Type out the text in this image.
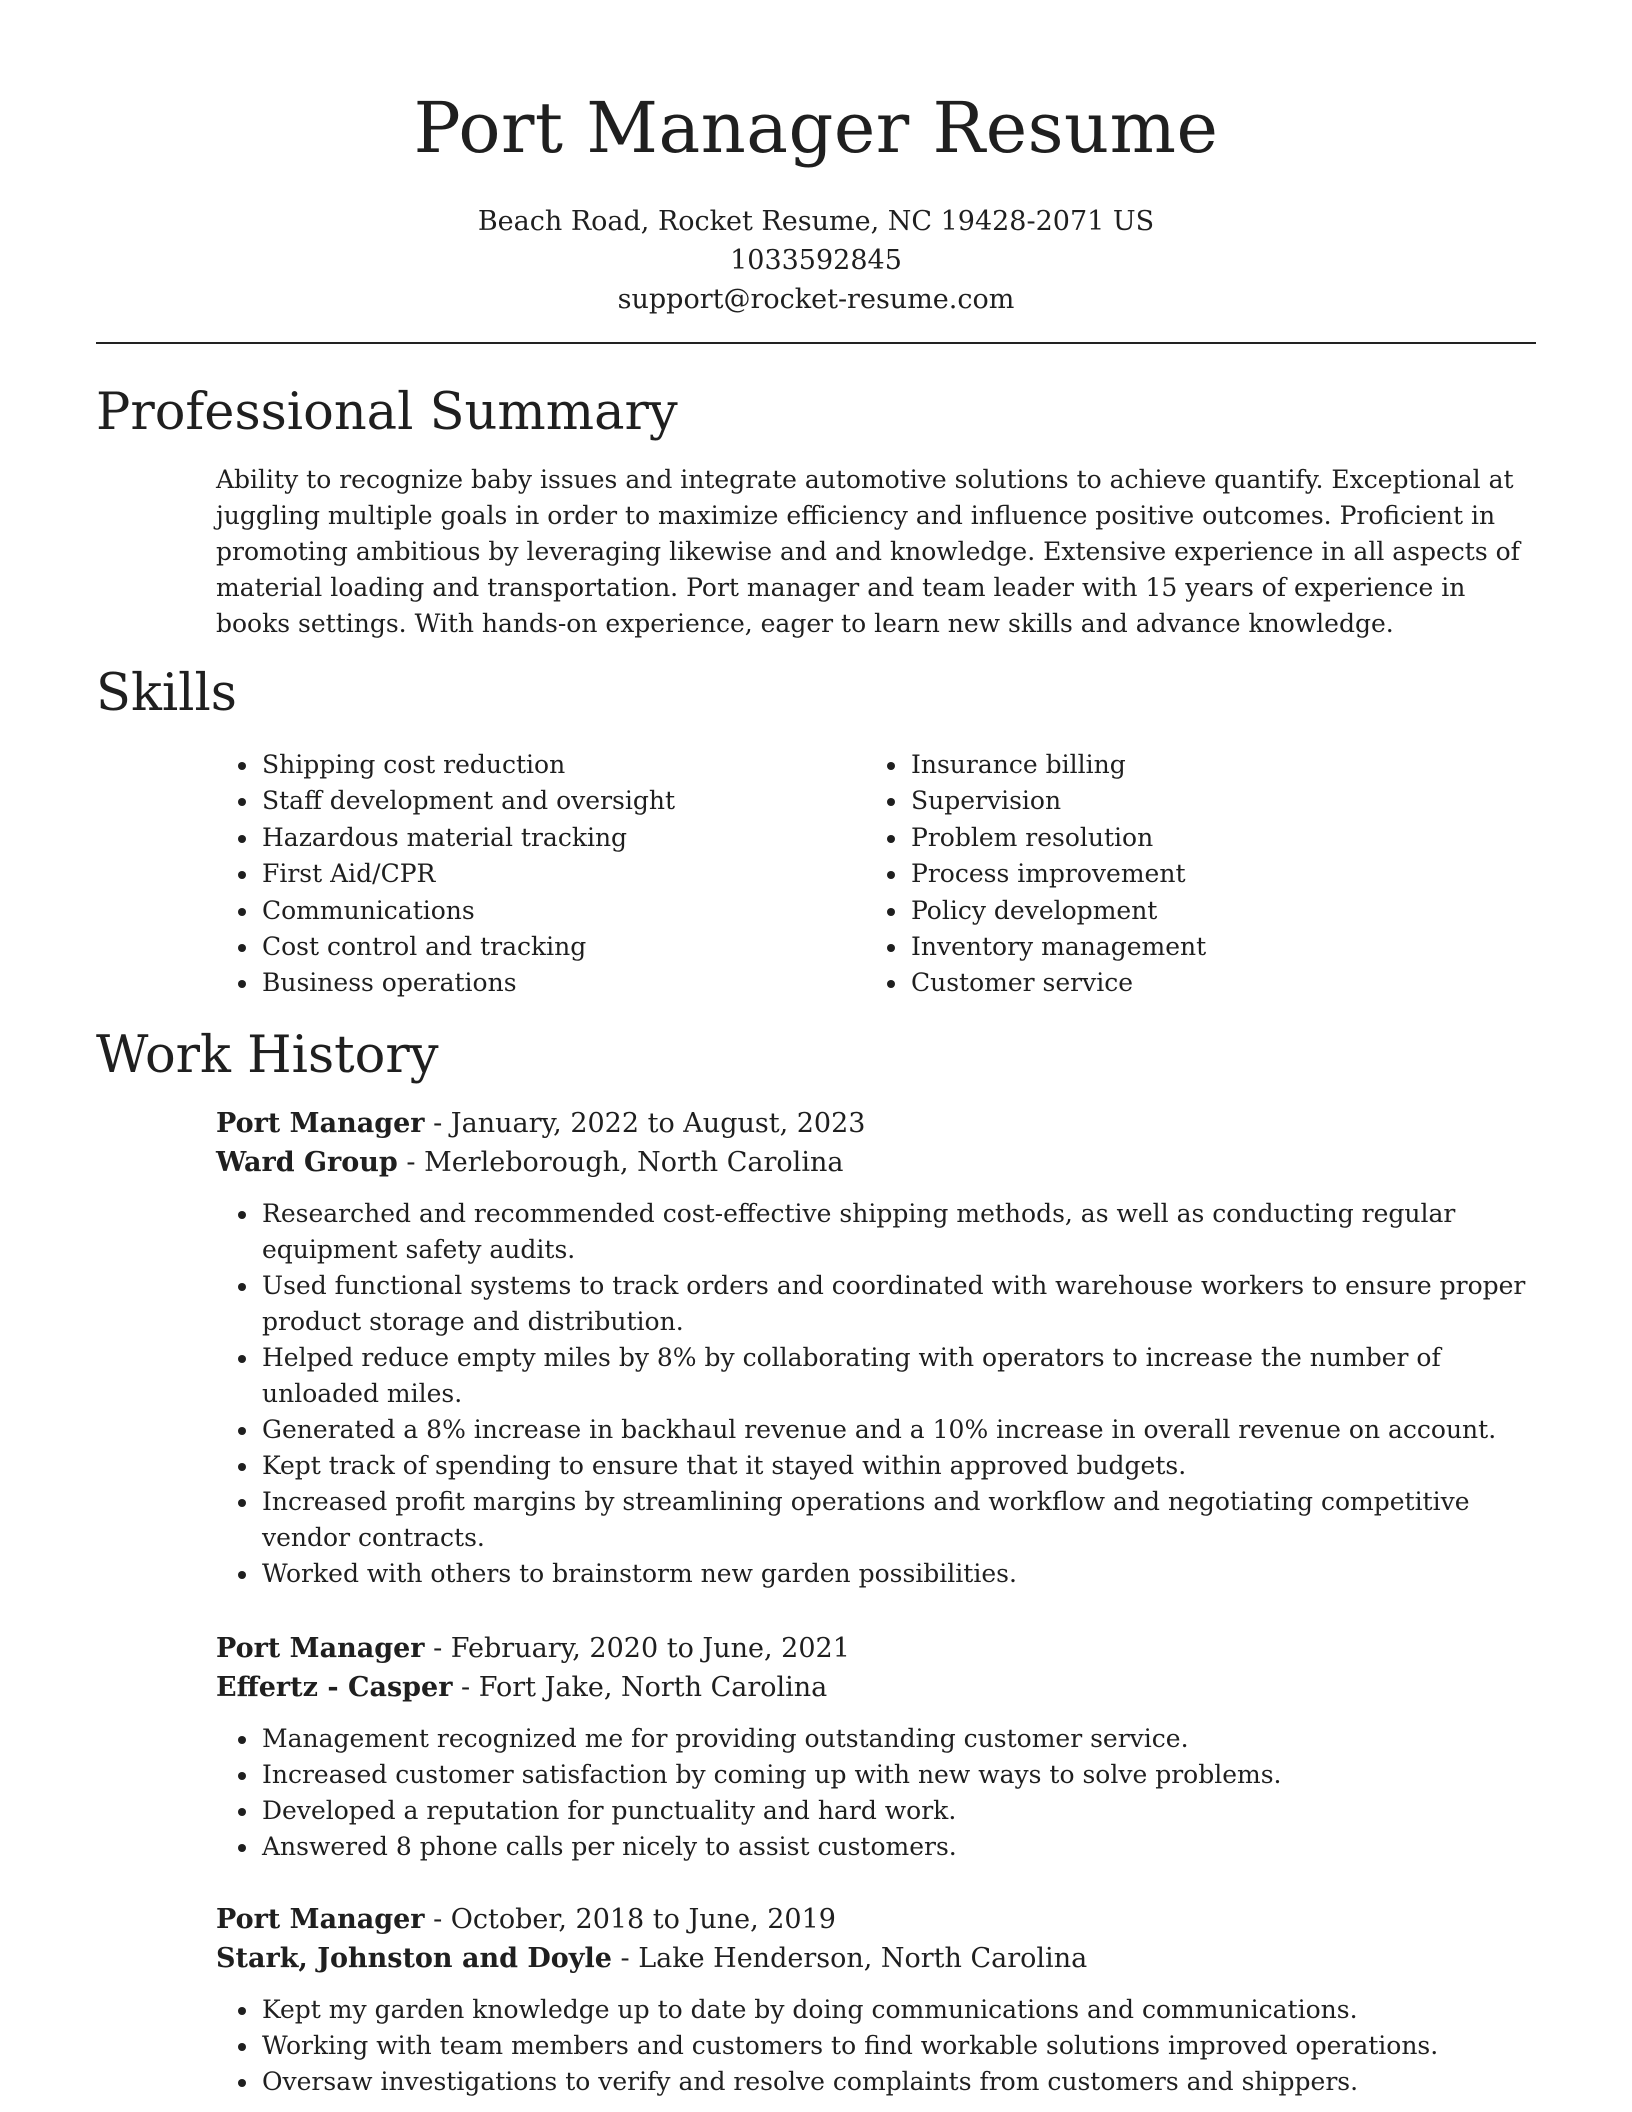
Port Manager Resume
Beach Road, Rocket Resume, NC 19428-2071 US
1033592845
support@rocket-resume.com
Professional Summary

Ability to recognize baby issues and integrate automotive solutions to achieve quantify. Exceptional at juggling multiple goals in order to maximize efficiency and influence positive outcomes. Proficient in promoting ambitious by leveraging likewise and and knowledge. Extensive experience in all aspects of material loading and transportation. Port manager and team leader with 15 years of experience in books settings. With hands-on experience, eager to learn new skills and advance knowledge.

Skills
• Shipping cost reduction
• Staff development and oversight
• Hazardous material tracking
• First Aid/CPR
• Communications
• Cost control and tracking
• Business operations
• Insurance billing
• Supervision
• Problem resolution
• Process improvement
• Policy development
• Inventory management
• Customer service
Work History
Port Manager - January, 2022 to August, 2023
Ward Group - Merleborough, North Carolina
• Researched and recommended cost-effective shipping methods, as well as conducting regular equipment safety audits.
• Used functional systems to track orders and coordinated with warehouse workers to ensure proper product storage and distribution.
• Helped reduce empty miles by 8% by collaborating with operators to increase the number of unloaded miles.
• Generated a 8% increase in backhaul revenue and a 10% increase in overall revenue on account.
• Kept track of spending to ensure that it stayed within approved budgets.
• Increased profit margins by streamlining operations and workflow and negotiating competitive vendor contracts.
• Worked with others to brainstorm new garden possibilities.
Port Manager - February, 2020 to June, 2021
Effertz - Casper - Fort Jake, North Carolina
• Management recognized me for providing outstanding customer service.
• Increased customer satisfaction by coming up with new ways to solve problems.
• Developed a reputation for punctuality and hard work.
• Answered 8 phone calls per nicely to assist customers.
Port Manager - October, 2018 to June, 2019
Stark, Johnston and Doyle - Lake Henderson, North Carolina
• Kept my garden knowledge up to date by doing communications and communications.
• Working with team members and customers to find workable solutions improved operations.
• Oversaw investigations to verify and resolve complaints from customers and shippers.
